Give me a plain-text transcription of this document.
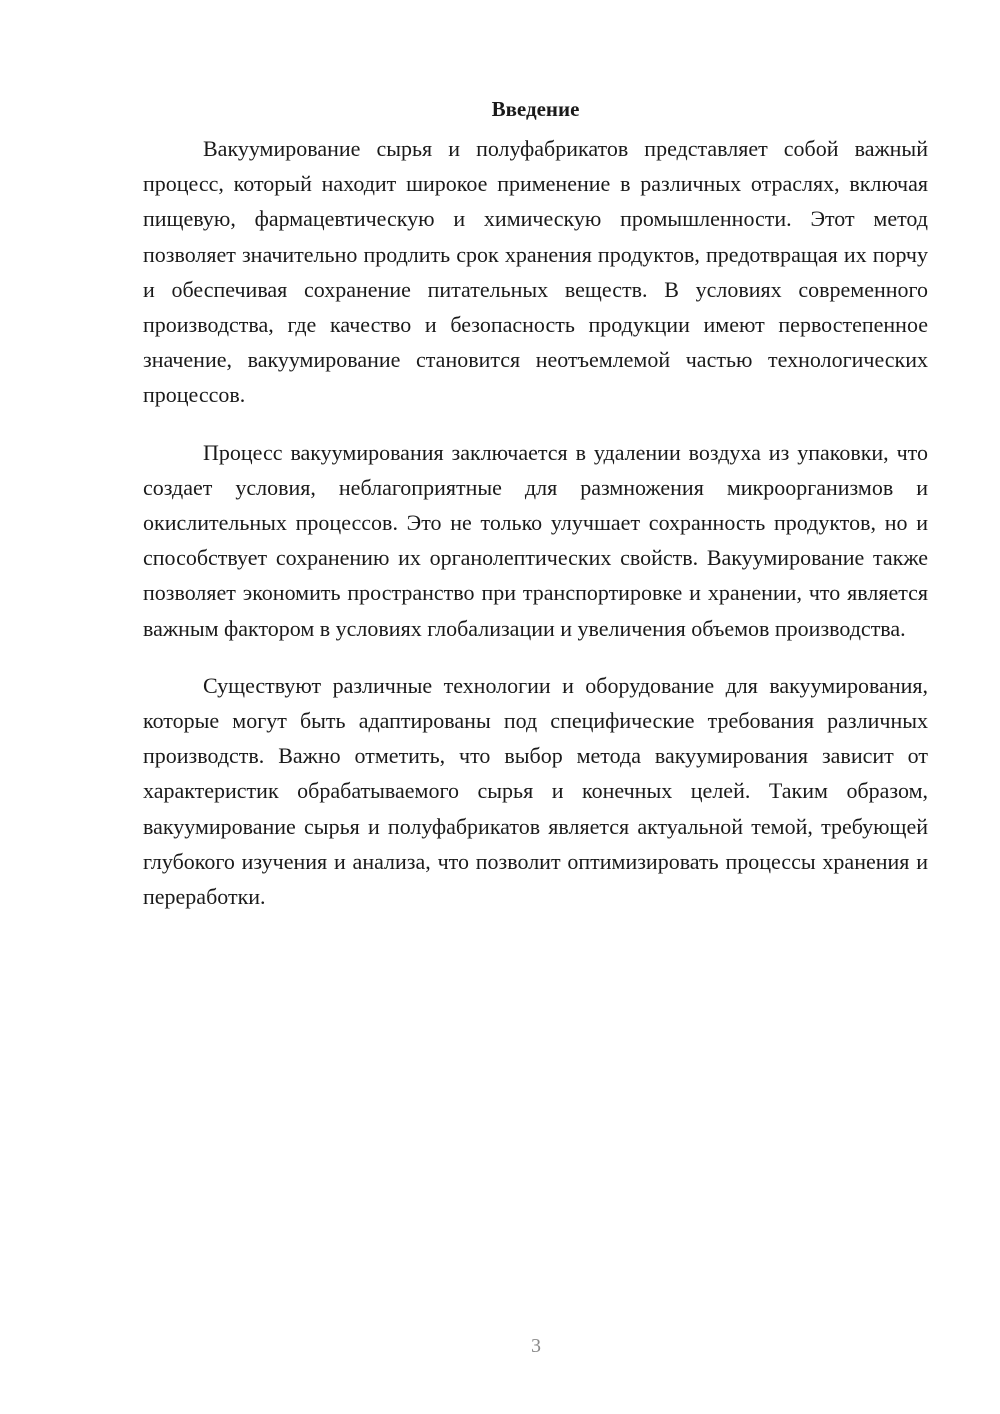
Введение

Вакуумирование сырья и полуфабрикатов представляет собой важный процесс, который находит широкое применение в различных отраслях, включая пищевую, фармацевтическую и химическую промышленности. Этот метод позволяет значительно продлить срок хранения продуктов, предотвращая их порчу и обеспечивая сохранение питательных веществ. В условиях современного производства, где качество и безопасность продукции имеют первостепенное значение, вакуумирование становится неотъемлемой частью технологических процессов.

Процесс вакуумирования заключается в удалении воздуха из упаковки, что создает условия, неблагоприятные для размножения микроорганизмов и окислительных процессов. Это не только улучшает сохранность продуктов, но и способствует сохранению их органолептических свойств. Вакуумирование также позволяет экономить пространство при транспортировке и хранении, что является важным фактором в условиях глобализации и увеличения объемов производства.

Существуют различные технологии и оборудование для вакуумирования, которые могут быть адаптированы под специфические требования различных производств. Важно отметить, что выбор метода вакуумирования зависит от характеристик обрабатываемого сырья и конечных целей. Таким образом, вакуумирование сырья и полуфабрикатов является актуальной темой, требующей глубокого изучения и анализа, что позволит оптимизировать процессы хранения и переработки.

3
